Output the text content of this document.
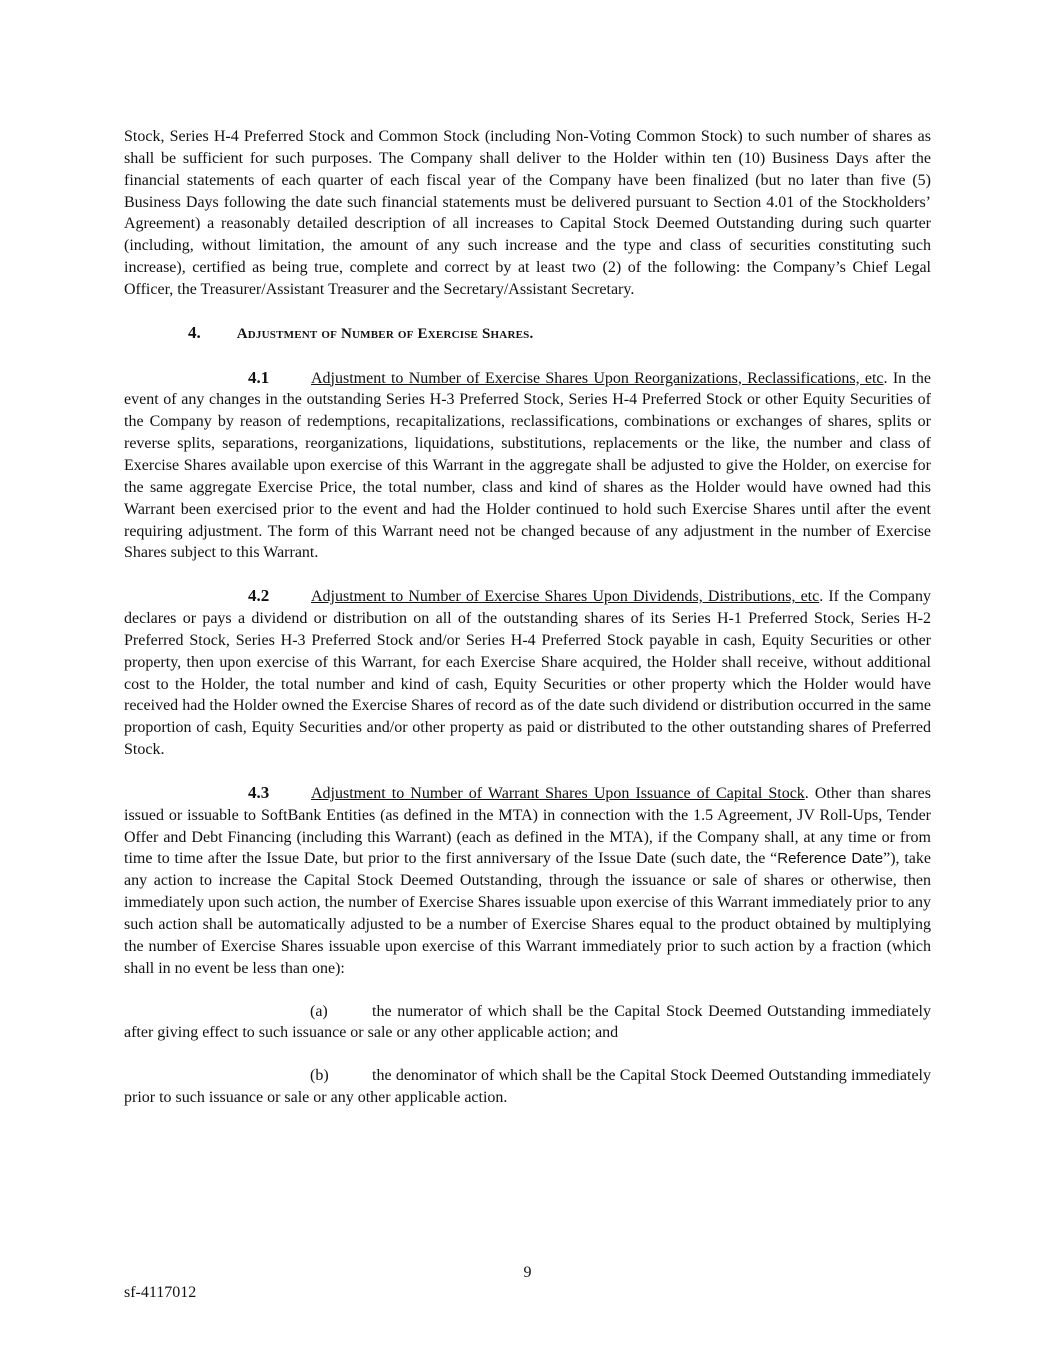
Stock, Series H-4 Preferred Stock and Common Stock (including Non-Voting Common Stock) to such number of shares as shall be sufficient for such purposes. The Company shall deliver to the Holder within ten (10) Business Days after the financial statements of each quarter of each fiscal year of the Company have been finalized (but no later than five (5) Business Days following the date such financial statements must be delivered pursuant to Section 4.01 of the Stockholders’ Agreement) a reasonably detailed description of all increases to Capital Stock Deemed Outstanding during such quarter (including, without limitation, the amount of any such increase and the type and class of securities constituting such increase), certified as being true, complete and correct by at least two (2) of the following: the Company’s Chief Legal Officer, the Treasurer/Assistant Treasurer and the Secretary/Assistant Secretary.

4. Adjustment of Number of Exercise Shares.

4.1	Adjustment to Number of Exercise Shares Upon Reorganizations, Reclassifications, etc. In the event of any changes in the outstanding Series H-3 Preferred Stock, Series H-4 Preferred Stock or other Equity Securities of the Company by reason of redemptions, recapitalizations, reclassifications, combinations or exchanges of shares, splits or reverse splits, separations, reorganizations, liquidations, substitutions, replacements or the like, the number and class of Exercise Shares available upon exercise of this Warrant in the aggregate shall be adjusted to give the Holder, on exercise for the same aggregate Exercise Price, the total number, class and kind of shares as the Holder would have owned had this Warrant been exercised prior to the event and had the Holder continued to hold such Exercise Shares until after the event requiring adjustment. The form of this Warrant need not be changed because of any adjustment in the number of Exercise Shares subject to this Warrant.

4.2	Adjustment to Number of Exercise Shares Upon Dividends, Distributions, etc. If the Company declares or pays a dividend or distribution on all of the outstanding shares of its Series H-1 Preferred Stock, Series H-2 Preferred Stock, Series H-3 Preferred Stock and/or Series H-4 Preferred Stock payable in cash, Equity Securities or other property, then upon exercise of this Warrant, for each Exercise Share acquired, the Holder shall receive, without additional cost to the Holder, the total number and kind of cash, Equity Securities or other property which the Holder would have received had the Holder owned the Exercise Shares of record as of the date such dividend or distribution occurred in the same proportion of cash, Equity Securities and/or other property as paid or distributed to the other outstanding shares of Preferred Stock.

4.3	Adjustment to Number of Warrant Shares Upon Issuance of Capital Stock. Other than shares issued or issuable to SoftBank Entities (as defined in the MTA) in connection with the 1.5 Agreement, JV Roll-Ups, Tender Offer and Debt Financing (including this Warrant) (each as defined in the MTA), if the Company shall, at any time or from time to time after the Issue Date, but prior to the first anniversary of the Issue Date (such date, the “Reference Date”), take any action to increase the Capital Stock Deemed Outstanding, through the issuance or sale of shares or otherwise, then immediately upon such action, the number of Exercise Shares issuable upon exercise of this Warrant immediately prior to any such action shall be automatically adjusted to be a number of Exercise Shares equal to the product obtained by multiplying the number of Exercise Shares issuable upon exercise of this Warrant immediately prior to such action by a fraction (which shall in no event be less than one):

(a)	the numerator of which shall be the Capital Stock Deemed Outstanding immediately after giving effect to such issuance or sale or any other applicable action; and

(b)	the denominator of which shall be the Capital Stock Deemed Outstanding immediately prior to such issuance or sale or any other applicable action.

9
sf-4117012
